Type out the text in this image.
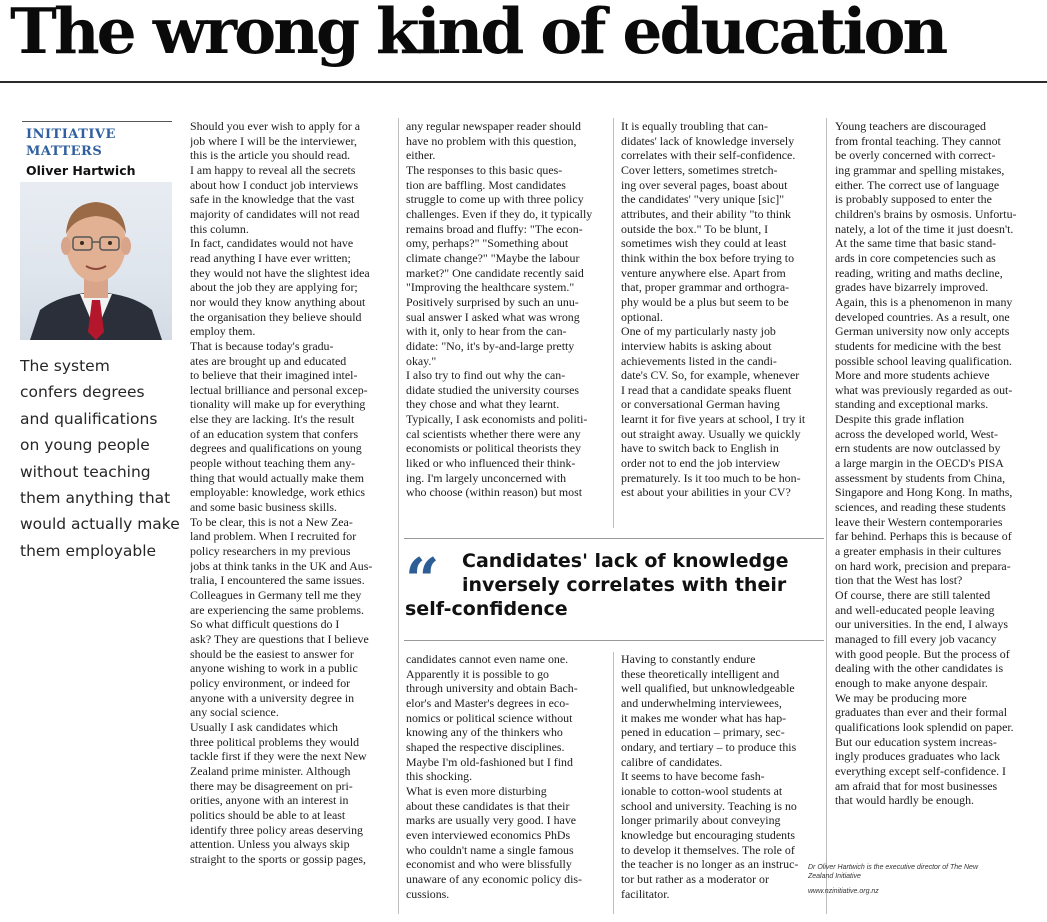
The wrong kind of education

INITIATIVE
MATTERS

Oliver Hartwich

The system
confers degrees
and qualifications
on young people
without teaching
them anything that
would actually make
them employable
Should you ever wish to apply for a
job where I will be the interviewer,
this is the article you should read.
I am happy to reveal all the secrets
about how I conduct job interviews
safe in the knowledge that the vast
majority of candidates will not read
this column.
In fact, candidates would not have
read anything I have ever written;
they would not have the slightest idea
about the job they are applying for;
nor would they know anything about
the organisation they believe should
employ them.
That is because today's gradu-
ates are brought up and educated
to believe that their imagined intel-
lectual brilliance and personal excep-
tionality will make up for everything
else they are lacking. It's the result
of an education system that confers
degrees and qualifications on young
people without teaching them any-
thing that would actually make them
employable: knowledge, work ethics
and some basic business skills.
To be clear, this is not a New Zea-
land problem. When I recruited for
policy researchers in my previous
jobs at think tanks in the UK and Aus-
tralia, I encountered the same issues.
Colleagues in Germany tell me they
are experiencing the same problems.
So what difficult questions do I
ask? They are questions that I believe
should be the easiest to answer for
anyone wishing to work in a public
policy environment, or indeed for
anyone with a university degree in
any social science.
Usually I ask candidates which
three political problems they would
tackle first if they were the next New
Zealand prime minister. Although
there may be disagreement on pri-
orities, anyone with an interest in
politics should be able to at least
identify three policy areas deserving
attention. Unless you always skip
straight to the sports or gossip pages,
any regular newspaper reader should
have no problem with this question,
either.
The responses to this basic ques-
tion are baffling. Most candidates
struggle to come up with three policy
challenges. Even if they do, it typically
remains broad and fluffy: "The econ-
omy, perhaps?" "Something about
climate change?" "Maybe the labour
market?" One candidate recently said
"Improving the healthcare system."
Positively surprised by such an unu-
sual answer I asked what was wrong
with it, only to hear from the can-
didate: "No, it's by-and-large pretty
okay."
I also try to find out why the can-
didate studied the university courses
they chose and what they learnt.
Typically, I ask economists and politi-
cal scientists whether there were any
economists or political theorists they
liked or who influenced their think-
ing. I'm largely unconcerned with
who choose (within reason) but most
It is equally troubling that can-
didates' lack of knowledge inversely
correlates with their self-confidence.
Cover letters, sometimes stretch-
ing over several pages, boast about
the candidates' "very unique [sic]"
attributes, and their ability "to think
outside the box." To be blunt, I
sometimes wish they could at least
think within the box before trying to
venture anywhere else. Apart from
that, proper grammar and orthogra-
phy would be a plus but seem to be
optional.
One of my particularly nasty job
interview habits is asking about
achievements listed in the candi-
date's CV. So, for example, whenever
I read that a candidate speaks fluent
or conversational German having
learnt it for five years at school, I try it
out straight away. Usually we quickly
have to switch back to English in
order not to end the job interview
prematurely. Is it too much to be hon-
est about your abilities in your CV?
“	Candidates' lack of knowledge
inversely correlates with their
self-confidence

candidates cannot even name one.
Apparently it is possible to go
through university and obtain Bach-
elor's and Master's degrees in eco-
nomics or political science without
knowing any of the thinkers who
shaped the respective disciplines.
Maybe I'm old-fashioned but I find
this shocking.
What is even more disturbing
about these candidates is that their
marks are usually very good. I have
even interviewed economics PhDs
who couldn't name a single famous
economist and who were blissfully
unaware of any economic policy dis-
cussions.
Having to constantly endure
these theoretically intelligent and
well qualified, but unknowledgeable
and underwhelming interviewees,
it makes me wonder what has hap-
pened in education – primary, sec-
ondary, and tertiary – to produce this
calibre of candidates.
It seems to have become fash-
ionable to cotton-wool students at
school and university. Teaching is no
longer primarily about conveying
knowledge but encouraging students
to develop it themselves. The role of
the teacher is no longer as an instruc-
tor but rather as a moderator or
facilitator.
Young teachers are discouraged
from frontal teaching. They cannot
be overly concerned with correct-
ing grammar and spelling mistakes,
either. The correct use of language
is probably supposed to enter the
children's brains by osmosis. Unfortu-
nately, a lot of the time it just doesn't.
At the same time that basic stand-
ards in core competencies such as
reading, writing and maths decline,
grades have bizarrely improved.
Again, this is a phenomenon in many
developed countries. As a result, one
German university now only accepts
students for medicine with the best
possible school leaving qualification.
More and more students achieve
what was previously regarded as out-
standing and exceptional marks.
Despite this grade inflation
across the developed world, West-
ern students are now outclassed by
a large margin in the OECD's PISA
assessment by students from China,
Singapore and Hong Kong. In maths,
sciences, and reading these students
leave their Western contemporaries
far behind. Perhaps this is because of
a greater emphasis in their cultures
on hard work, precision and prepara-
tion that the West has lost?
Of course, there are still talented
and well-educated people leaving
our universities. In the end, I always
managed to fill every job vacancy
with good people. But the process of
dealing with the other candidates is
enough to make anyone despair.
We may be producing more
graduates than ever and their formal
qualifications look splendid on paper.
But our education system increas-
ingly produces graduates who lack
everything except self-confidence. I
am afraid that for most businesses
that would hardly be enough.
Dr Oliver Hartwich is the executive director of The New
Zealand Initiative
www.nzinitiative.org.nz
